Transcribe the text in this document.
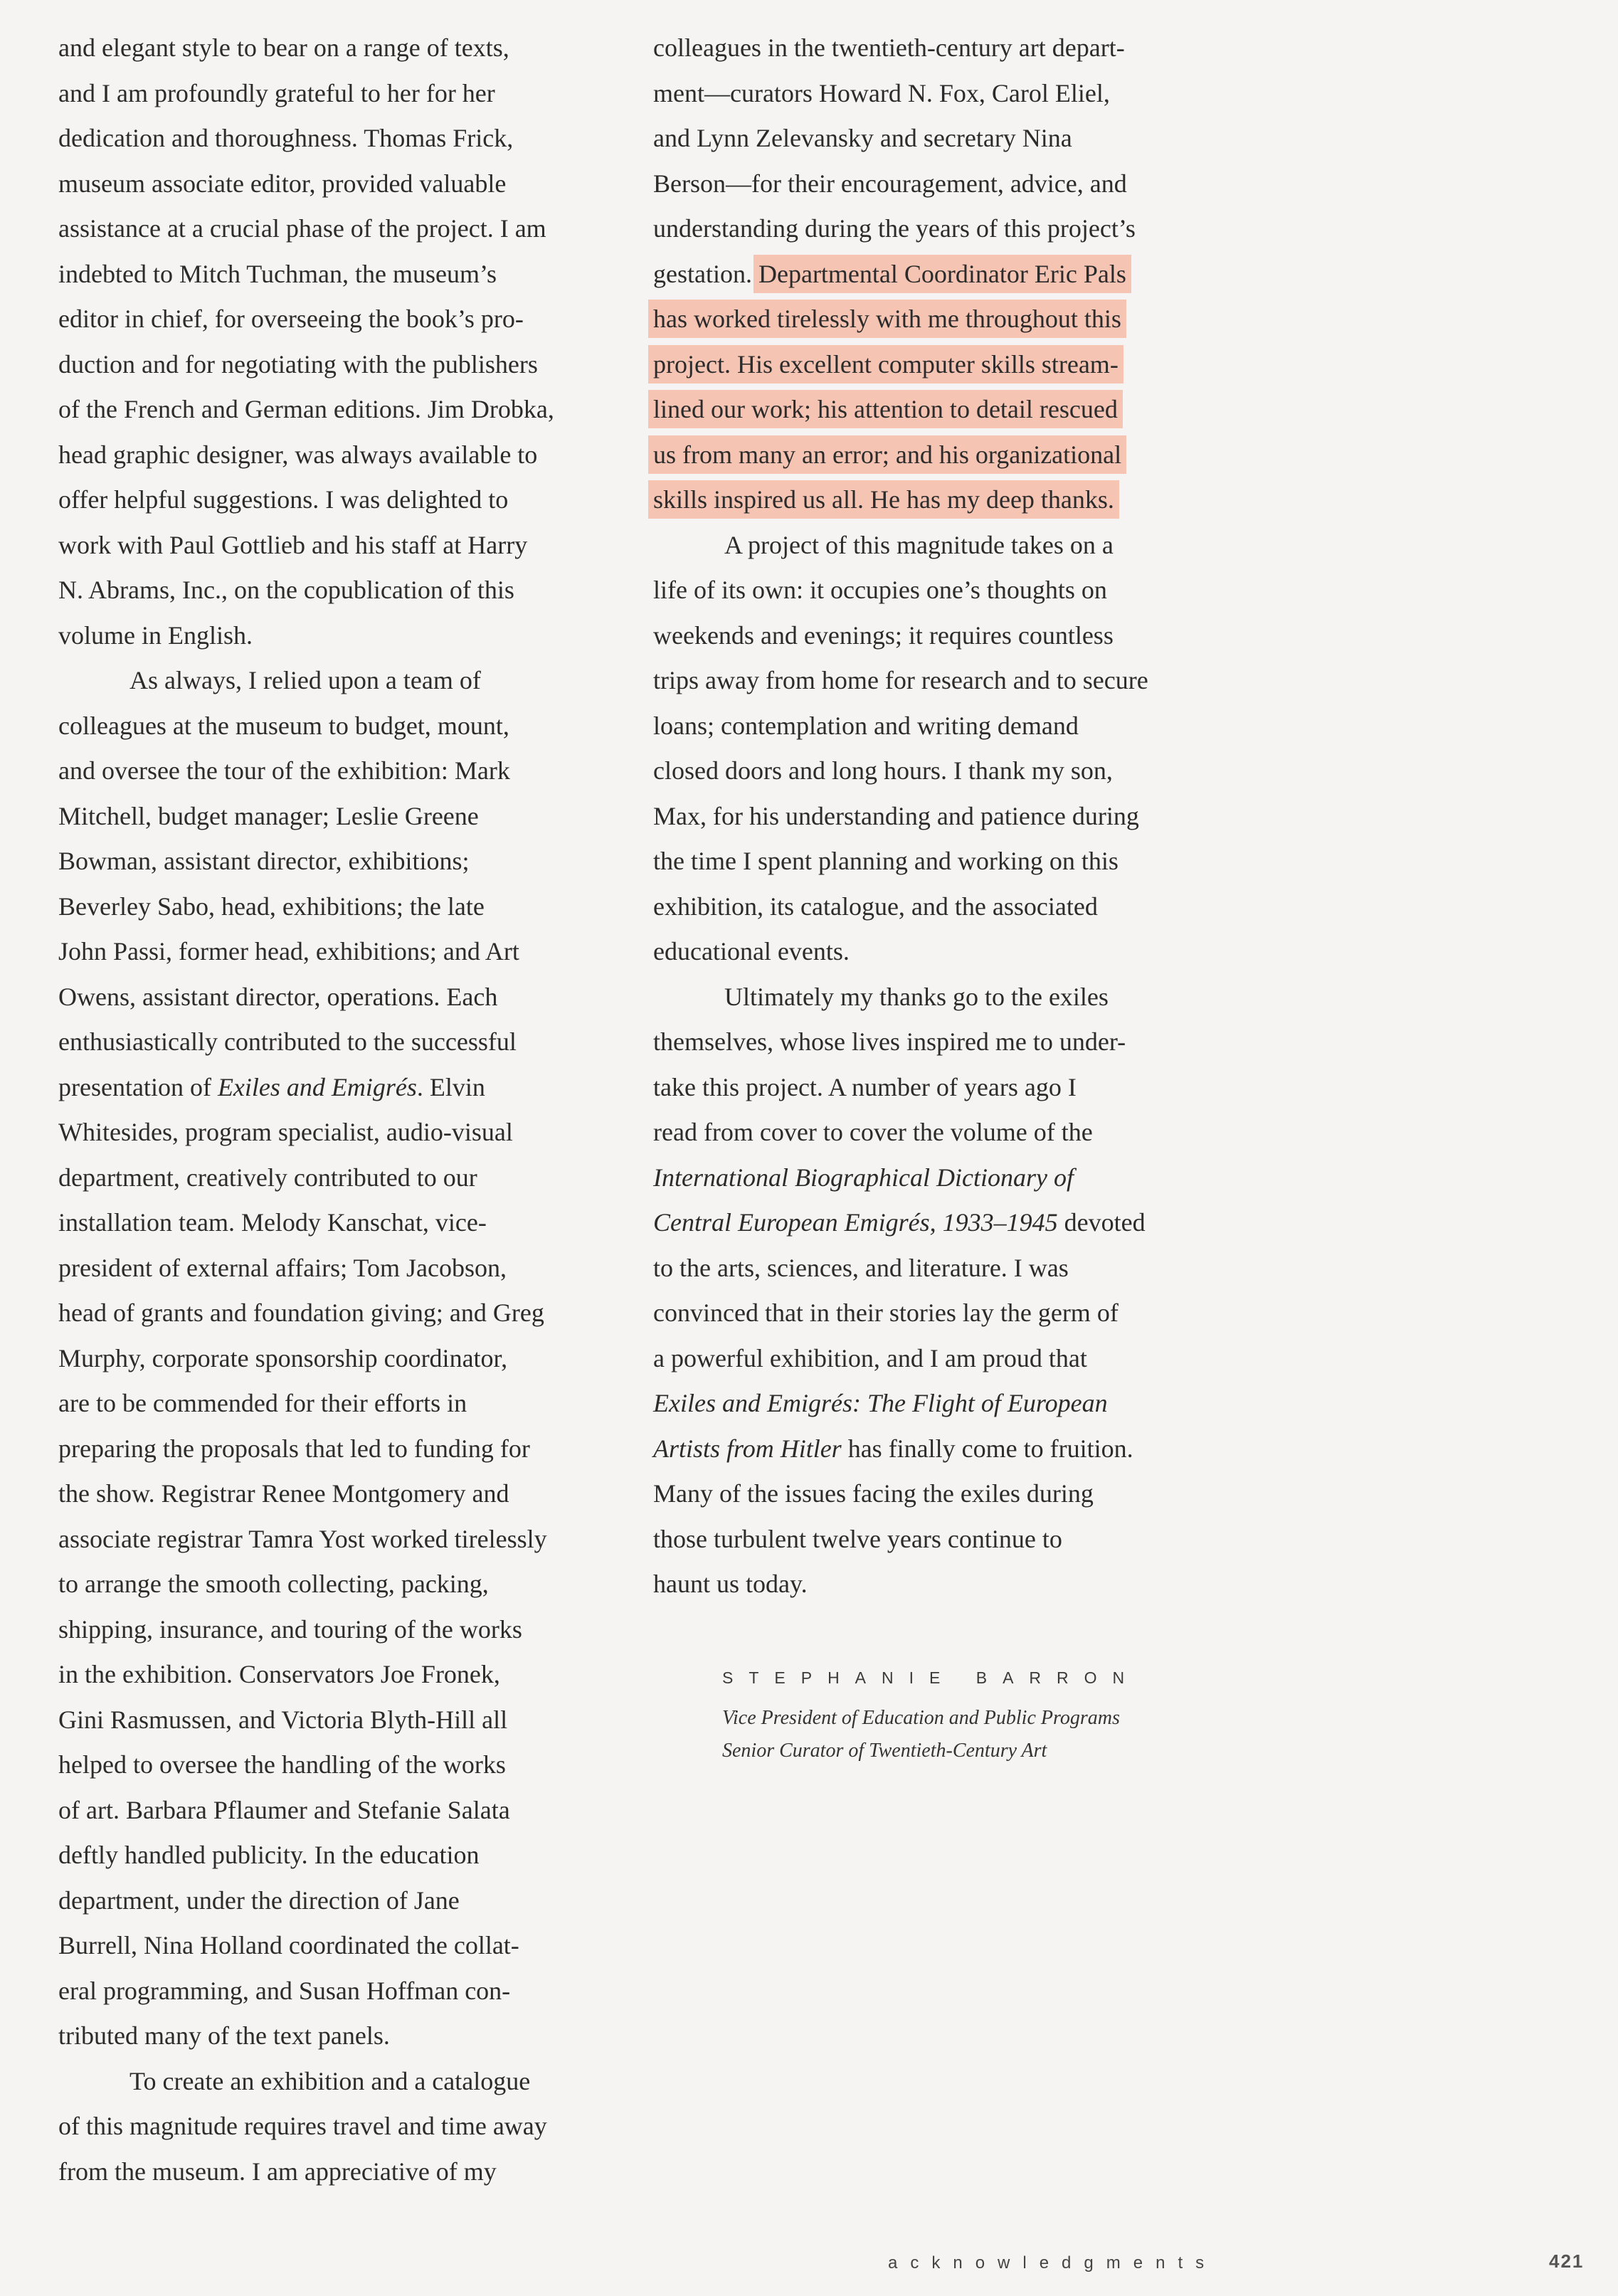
and elegant style to bear on a range of texts,
and I am profoundly grateful to her for her
dedication and thoroughness. Thomas Frick,
museum associate editor, provided valuable
assistance at a crucial phase of the project. I am
indebted to Mitch Tuchman, the museum’s
editor in chief, for overseeing the book’s pro-
duction and for negotiating with the publishers
of the French and German editions. Jim Drobka,
head graphic designer, was always available to
offer helpful suggestions. I was delighted to
work with Paul Gottlieb and his staff at Harry
N. Abrams, Inc., on the copublication of this
volume in English.
As always, I relied upon a team of
colleagues at the museum to budget, mount,
and oversee the tour of the exhibition: Mark
Mitchell, budget manager; Leslie Greene
Bowman, assistant director, exhibitions;
Beverley Sabo, head, exhibitions; the late
John Passi, former head, exhibitions; and Art
Owens, assistant director, operations. Each
enthusiastically contributed to the successful
presentation of Exiles and Emigrés. Elvin
Whitesides, program specialist, audio-visual
department, creatively contributed to our
installation team. Melody Kanschat, vice-
president of external affairs; Tom Jacobson,
head of grants and foundation giving; and Greg
Murphy, corporate sponsorship coordinator,
are to be commended for their efforts in
preparing the proposals that led to funding for
the show. Registrar Renee Montgomery and
associate registrar Tamra Yost worked tirelessly
to arrange the smooth collecting, packing,
shipping, insurance, and touring of the works
in the exhibition. Conservators Joe Fronek,
Gini Rasmussen, and Victoria Blyth-Hill all
helped to oversee the handling of the works
of art. Barbara Pflaumer and Stefanie Salata
deftly handled publicity. In the education
department, under the direction of Jane
Burrell, Nina Holland coordinated the collat-
eral programming, and Susan Hoffman con-
tributed many of the text panels.
To create an exhibition and a catalogue
of this magnitude requires travel and time away
from the museum. I am appreciative of my
colleagues in the twentieth-century art depart-
ment—curators Howard N. Fox, Carol Eliel,
and Lynn Zelevansky and secretary Nina
Berson—for their encouragement, advice, and
understanding during the years of this project’s
gestation. Departmental Coordinator Eric Pals
has worked tirelessly with me throughout this
project. His excellent computer skills stream-
lined our work; his attention to detail rescued
us from many an error; and his organizational
skills inspired us all. He has my deep thanks.
A project of this magnitude takes on a
life of its own: it occupies one’s thoughts on
weekends and evenings; it requires countless
trips away from home for research and to secure
loans; contemplation and writing demand
closed doors and long hours. I thank my son,
Max, for his understanding and patience during
the time I spent planning and working on this
exhibition, its catalogue, and the associated
educational events.
Ultimately my thanks go to the exiles
themselves, whose lives inspired me to under-
take this project. A number of years ago I
read from cover to cover the volume of the
International Biographical Dictionary of
Central European Emigrés, 1933–1945 devoted
to the arts, sciences, and literature. I was
convinced that in their stories lay the germ of
a powerful exhibition, and I am proud that
Exiles and Emigrés: The Flight of European
Artists from Hitler has finally come to fruition.
Many of the issues facing the exiles during
those turbulent twelve years continue to
haunt us today.
STEPHANIE BARRON
Vice President of Education and Public Programs
Senior Curator of Twentieth-Century Art
acknowledgments	421
